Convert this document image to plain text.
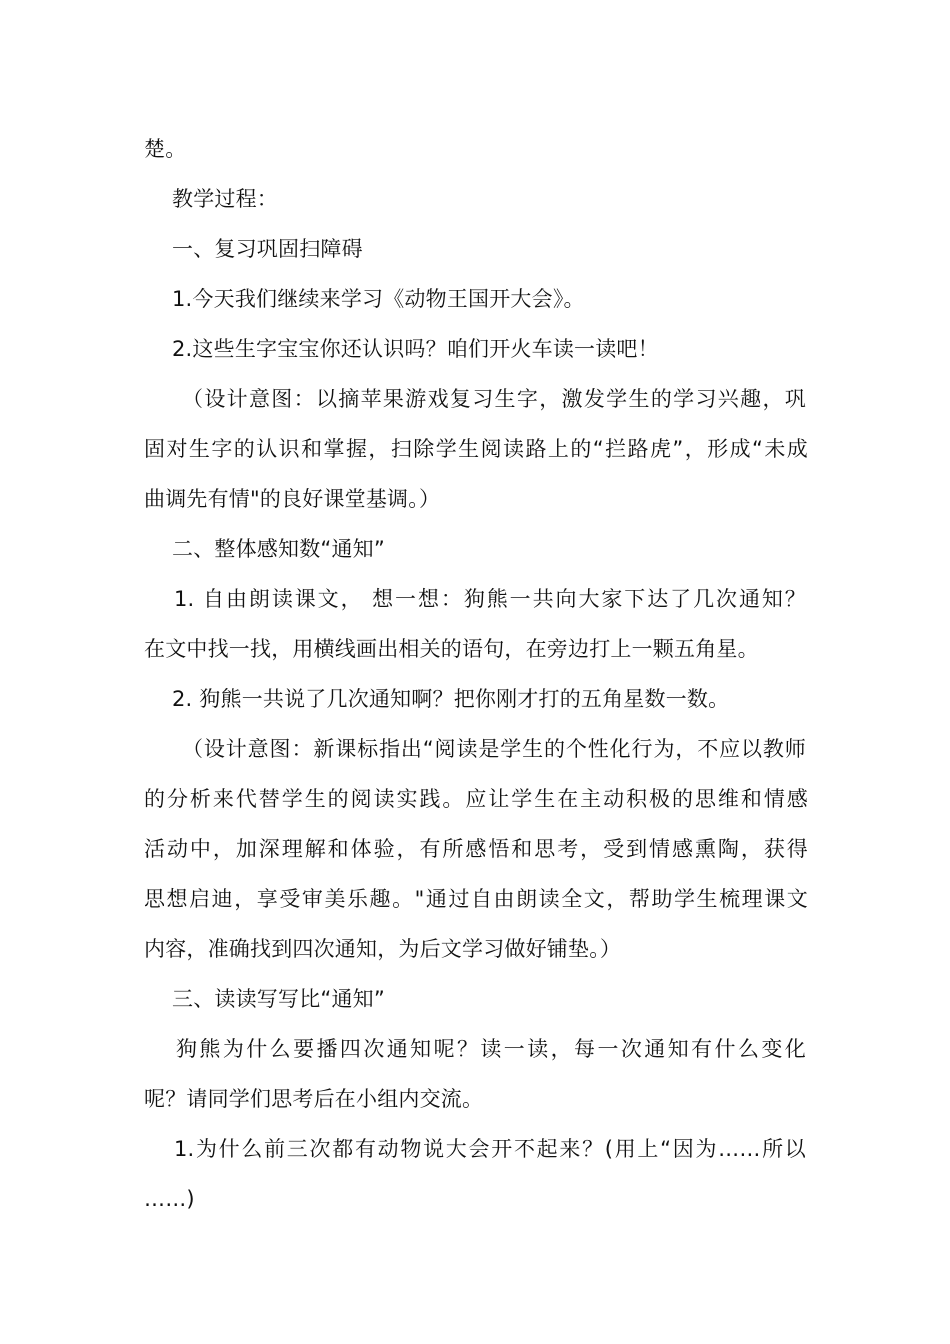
楚。
教学过程：
一、复习巩固扫障碍
1.今天我们继续来学习《动物王国开大会》。
2.这些生字宝宝你还认识吗？咱们开火车读一读吧！
（设计意图：以摘苹果游戏复习生字，激发学生的学习兴趣，巩
固对生字的认识和掌握，扫除学生阅读路上的“拦路虎”，形成“未成
曲调先有情"的良好课堂基调。）
二、整体感知数“通知”
1. 自由朗读课文， 想一想：狗熊一共向大家下达了几次通知？
在文中找一找，用横线画出相关的语句，在旁边打上一颗五角星。
2. 狗熊一共说了几次通知啊？把你刚才打的五角星数一数。
（设计意图：新课标指出“阅读是学生的个性化行为，不应以教师
的分析来代替学生的阅读实践。应让学生在主动积极的思维和情感
活动中，加深理解和体验，有所感悟和思考，受到情感熏陶，获得
思想启迪，享受审美乐趣。"通过自由朗读全文，帮助学生梳理课文
内容，准确找到四次通知，为后文学习做好铺垫。）
三、读读写写比“通知”
狗熊为什么要播四次通知呢？读一读，每一次通知有什么变化
呢？请同学们思考后在小组内交流。
1.为什么前三次都有动物说大会开不起来？(用上“因为……所以
……)
